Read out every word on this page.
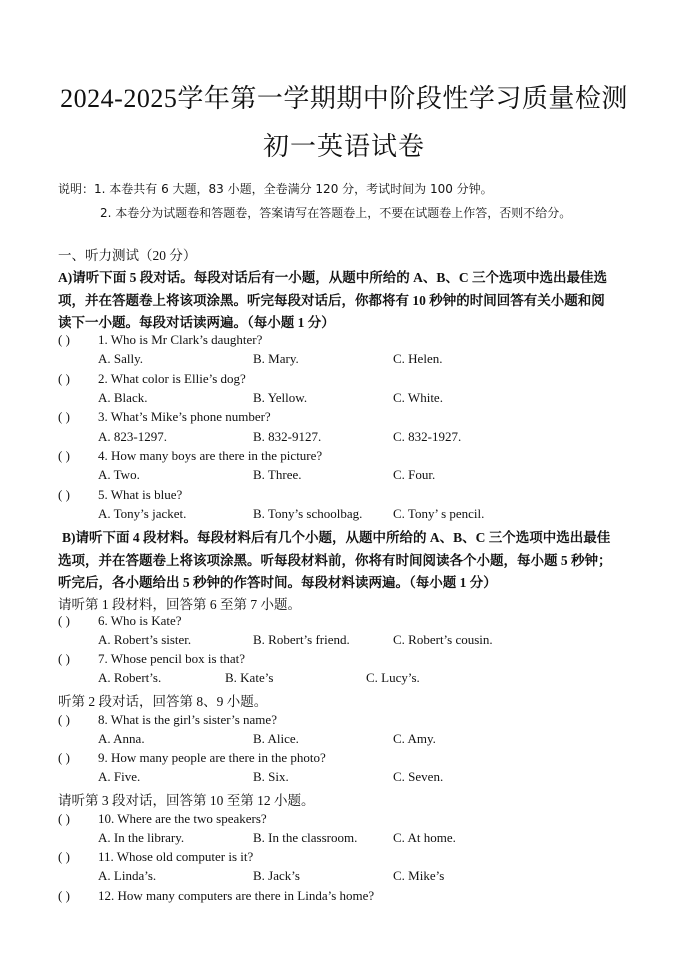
2024-2025学年第一学期期中阶段性学习质量检测
初一英语试卷
说明：1. 本卷共有 6 大题，83 小题，全卷满分 120 分，考试时间为 100 分钟。
2. 本卷分为试题卷和答题卷，答案请写在答题卷上，不要在试题卷上作答，否则不给分。
一、听力测试（20 分）
A)请听下面 5 段对话。每段对话后有一小题，从题中所给的 A、B、C 三个选项中选出最佳选
项，并在答题卷上将该项涂黑。听完每段对话后，你都将有 10 秒钟的时间回答有关小题和阅
读下一小题。每段对话读两遍。（每小题 1 分）
( ) 1. Who is Mr Clark’s daughter?
A. Sally.	B. Mary.	C. Helen.
( ) 2. What color is Ellie’s dog?
A. Black.	B. Yellow.	C. White.
( ) 3. What’s Mike’s phone number?
A. 823-1297.	B. 832-9127.	C. 832-1927.
( ) 4. How many boys are there in the picture?
A. Two.	B. Three.	C. Four.
( ) 5. What is blue?
A. Tony’s jacket.	B. Tony’s schoolbag. C. Tony’ s pencil.
B)请听下面 4 段材料。每段材料后有几个小题，从题中所给的 A、B、C 三个选项中选出最佳
选项，并在答题卷上将该项涂黑。听每段材料前，你将有时间阅读各个小题，每小题 5 秒钟；
听完后，各小题给出 5 秒钟的作答时间。每段材料读两遍。（每小题 1 分）
请听第 1 段材料，回答第 6 至第 7 小题。
( ) 6. Who is Kate?
A. Robert’s sister.	B. Robert’s friend.	C. Robert’s cousin.
( ) 7. Whose pencil box is that?
A. Robert’s.	B. Kate’s	C. Lucy’s.
听第 2 段对话，回答第 8、9 小题。
( ) 8. What is the girl’s sister’s name?
A. Anna.	B. Alice.	C. Amy.
( ) 9. How many people are there in the photo?
A. Five.	B. Six.	C. Seven.
请听第 3 段对话，回答第 10 至第 12 小题。
( ) 10. Where are the two speakers?
A. In the library.	B. In the classroom.	C. At home.
( ) 11. Whose old computer is it?
A. Linda’s.	B. Jack’s	C. Mike’s
( ) 12. How many computers are there in Linda’s home?
